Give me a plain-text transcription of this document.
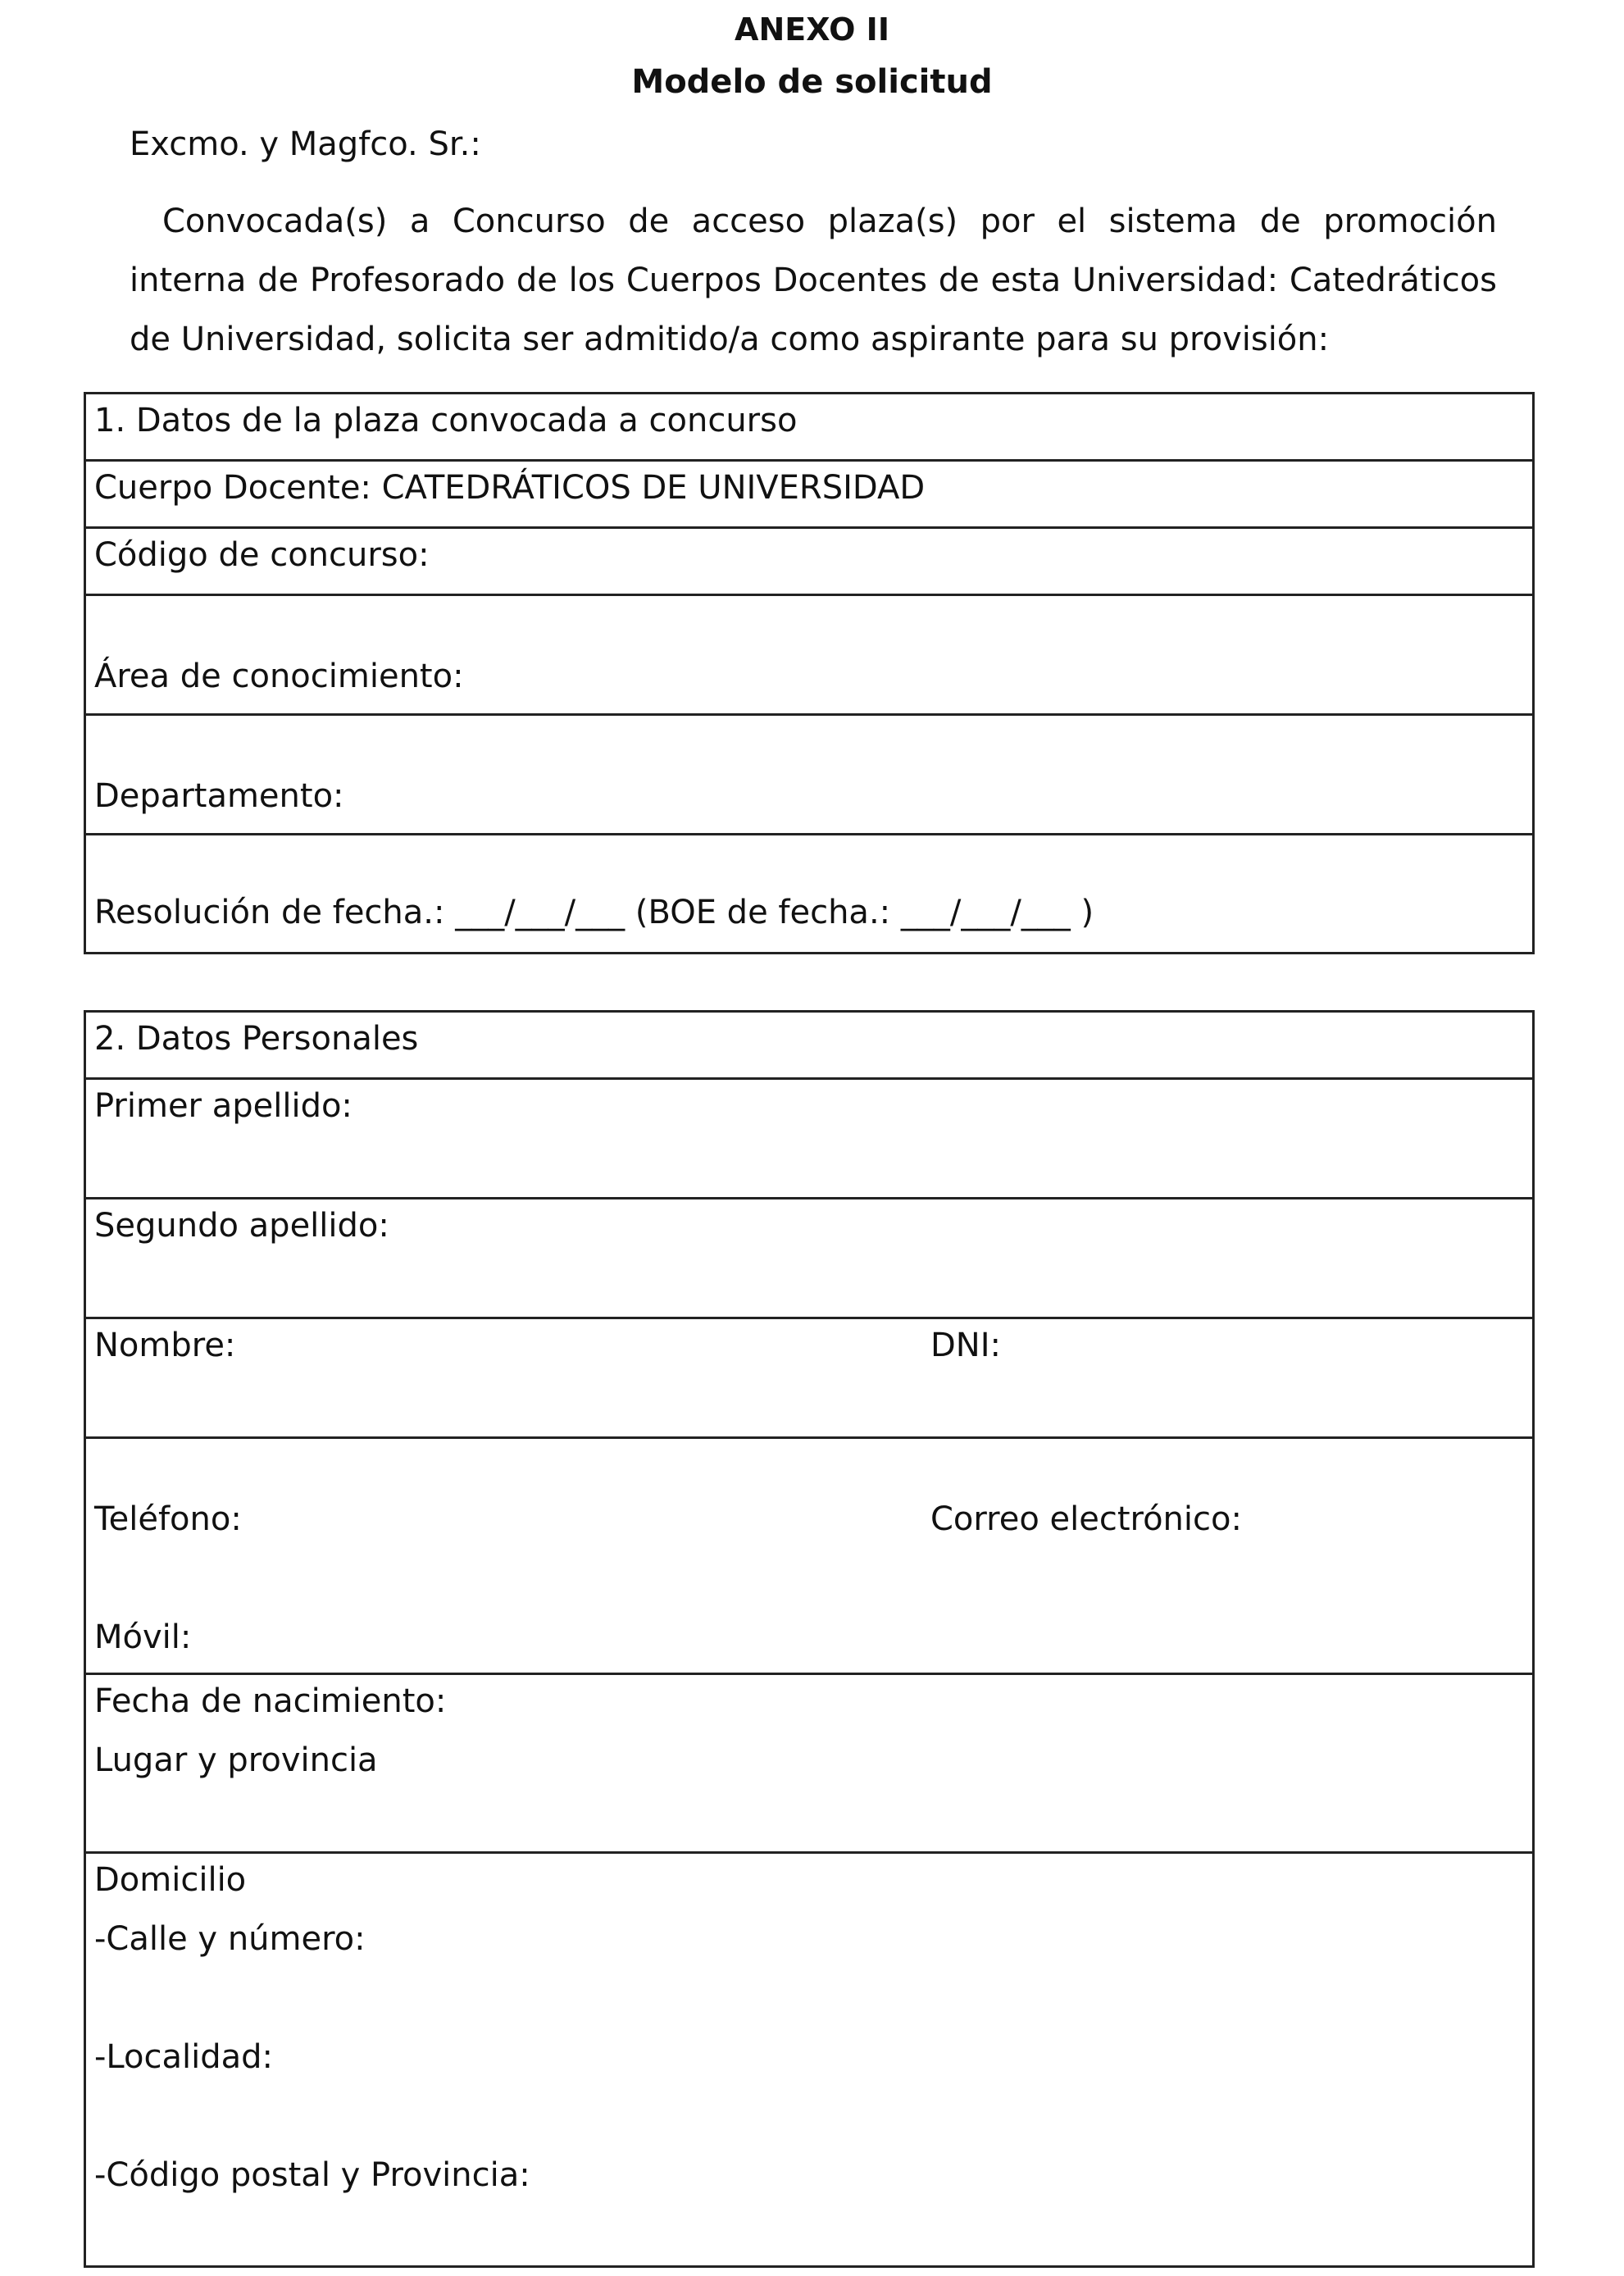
ANEXO II
Modelo de solicitud
Excmo. y Magfco. Sr.:
Convocada(s) a Concurso de acceso plaza(s) por el sistema de promoción interna de Profesorado de los Cuerpos Docentes de esta Universidad: Catedráticos de Universidad, solicita ser admitido/a como aspirante para su provisión:
1. Datos de la plaza convocada a concurso
Cuerpo Docente: CATEDRÁTICOS DE UNIVERSIDAD
Código de concurso:
Área de conocimiento:
Departamento:
Resolución de fecha.: ___/___/___ (BOE de fecha.: ___/___/___ )
2. Datos Personales
Primer apellido:
Segundo apellido:
Nombre:	DNI:
Teléfono:	Correo electrónico:
Móvil:
Fecha de nacimiento:
Lugar y provincia
Domicilio
-Calle y número:
-Localidad:
-Código postal y Provincia:
